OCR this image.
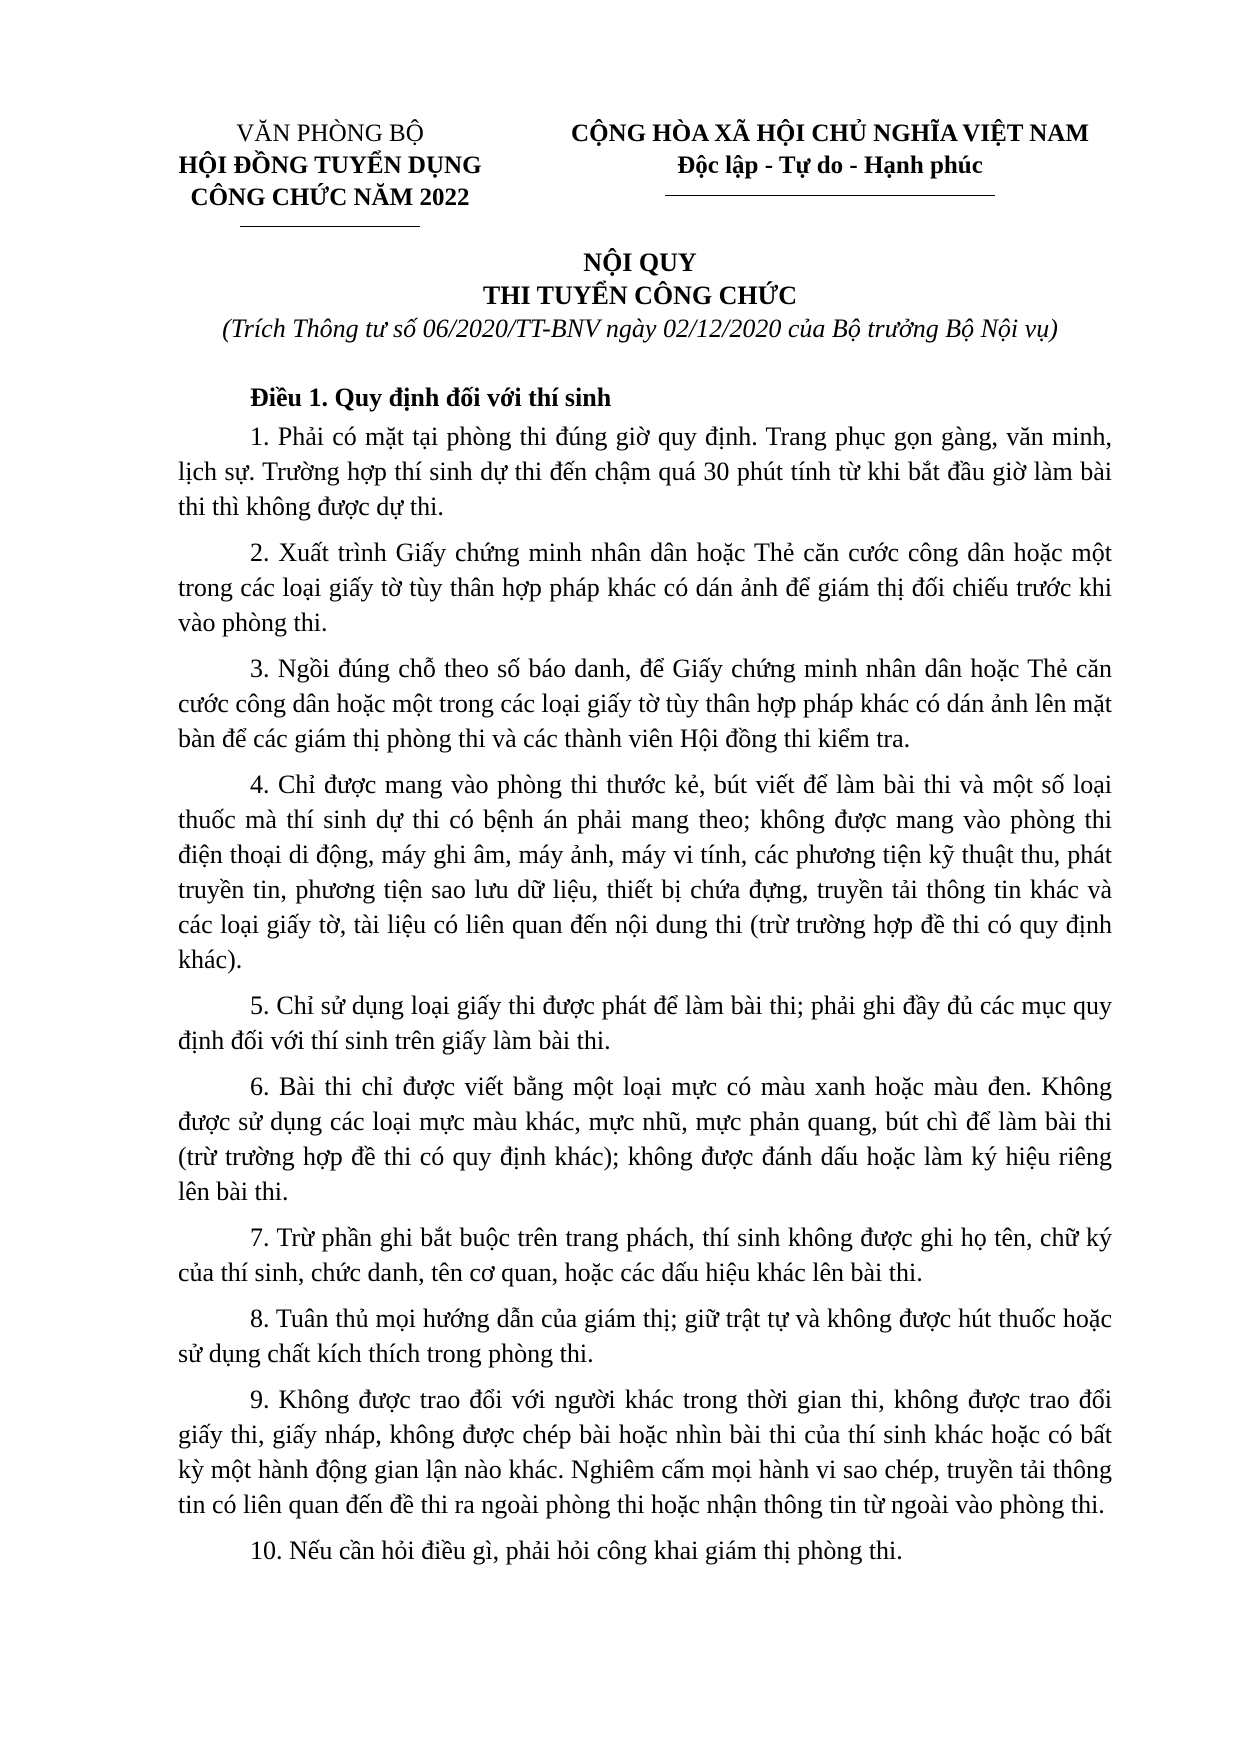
VĂN PHÒNG BỘ
HỘI ĐỒNG TUYỂN DỤNG
CÔNG CHỨC NĂM 2022
CỘNG HÒA XÃ HỘI CHỦ NGHĨA VIỆT NAM
Độc lập - Tự do - Hạnh phúc
NỘI QUY
THI TUYỂN CÔNG CHỨC
(Trích Thông tư số 06/2020/TT-BNV ngày 02/12/2020 của Bộ trưởng Bộ Nội vụ)

Điều 1. Quy định đối với thí sinh

1. Phải có mặt tại phòng thi đúng giờ quy định. Trang phục gọn gàng, văn minh, lịch sự. Trường hợp thí sinh dự thi đến chậm quá 30 phút tính từ khi bắt đầu giờ làm bài thi thì không được dự thi.

2. Xuất trình Giấy chứng minh nhân dân hoặc Thẻ căn cước công dân hoặc một trong các loại giấy tờ tùy thân hợp pháp khác có dán ảnh để giám thị đối chiếu trước khi vào phòng thi.

3. Ngồi đúng chỗ theo số báo danh, để Giấy chứng minh nhân dân hoặc Thẻ căn cước công dân hoặc một trong các loại giấy tờ tùy thân hợp pháp khác có dán ảnh lên mặt bàn để các giám thị phòng thi và các thành viên Hội đồng thi kiểm tra.

4. Chỉ được mang vào phòng thi thước kẻ, bút viết để làm bài thi và một số loại thuốc mà thí sinh dự thi có bệnh án phải mang theo; không được mang vào phòng thi điện thoại di động, máy ghi âm, máy ảnh, máy vi tính, các phương tiện kỹ thuật thu, phát truyền tin, phương tiện sao lưu dữ liệu, thiết bị chứa đựng, truyền tải thông tin khác và các loại giấy tờ, tài liệu có liên quan đến nội dung thi (trừ trường hợp đề thi có quy định khác).

5. Chỉ sử dụng loại giấy thi được phát để làm bài thi; phải ghi đầy đủ các mục quy định đối với thí sinh trên giấy làm bài thi.

6. Bài thi chỉ được viết bằng một loại mực có màu xanh hoặc màu đen. Không được sử dụng các loại mực màu khác, mực nhũ, mực phản quang, bút chì để làm bài thi (trừ trường hợp đề thi có quy định khác); không được đánh dấu hoặc làm ký hiệu riêng lên bài thi.

7. Trừ phần ghi bắt buộc trên trang phách, thí sinh không được ghi họ tên, chữ ký của thí sinh, chức danh, tên cơ quan, hoặc các dấu hiệu khác lên bài thi.

8. Tuân thủ mọi hướng dẫn của giám thị; giữ trật tự và không được hút thuốc hoặc sử dụng chất kích thích trong phòng thi.

9. Không được trao đổi với người khác trong thời gian thi, không được trao đổi giấy thi, giấy nháp, không được chép bài hoặc nhìn bài thi của thí sinh khác hoặc có bất kỳ một hành động gian lận nào khác. Nghiêm cấm mọi hành vi sao chép, truyền tải thông tin có liên quan đến đề thi ra ngoài phòng thi hoặc nhận thông tin từ ngoài vào phòng thi.

10. Nếu cần hỏi điều gì, phải hỏi công khai giám thị phòng thi.
